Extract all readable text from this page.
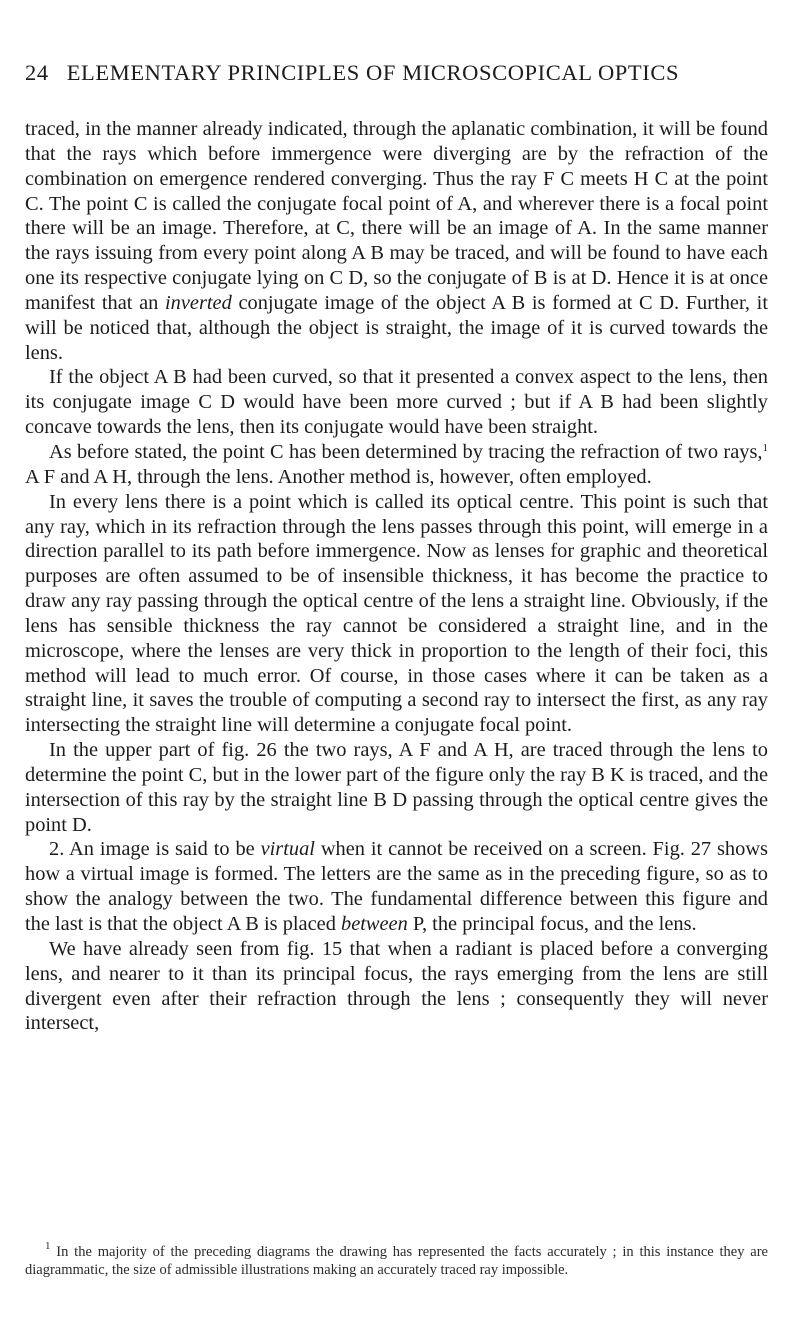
24 ELEMENTARY PRINCIPLES OF MICROSCOPICAL OPTICS

traced, in the manner already indicated, through the aplanatic combination, it will be found that the rays which before immergence were diverging are by the refraction of the combination on emergence rendered converging. Thus the ray F C meets H C at the point C. The point C is called the conjugate focal point of A, and wherever there is a focal point there will be an image. Therefore, at C, there will be an image of A. In the same manner the rays issuing from every point along A B may be traced, and will be found to have each one its respective conjugate lying on C D, so the conjugate of B is at D. Hence it is at once manifest that an inverted conjugate image of the object A B is formed at C D. Further, it will be noticed that, although the object is straight, the image of it is curved towards the lens.

If the object A B had been curved, so that it presented a convex aspect to the lens, then its conjugate image C D would have been more curved ; but if A B had been slightly concave towards the lens, then its conjugate would have been straight.

As before stated, the point C has been determined by tracing the refraction of two rays,$^1$ A F and A H, through the lens. Another method is, however, often employed.

In every lens there is a point which is called its optical centre. This point is such that any ray, which in its refraction through the lens passes through this point, will emerge in a direction parallel to its path before immergence. Now as lenses for graphic and theoretical purposes are often assumed to be of insensible thickness, it has become the practice to draw any ray passing through the optical centre of the lens a straight line. Obviously, if the lens has sensible thickness the ray cannot be considered a straight line, and in the microscope, where the lenses are very thick in proportion to the length of their foci, this method will lead to much error. Of course, in those cases where it can be taken as a straight line, it saves the trouble of computing a second ray to intersect the first, as any ray intersecting the straight line will determine a conjugate focal point.

In the upper part of fig. 26 the two rays, A F and A H, are traced through the lens to determine the point C, but in the lower part of the figure only the ray B K is traced, and the intersection of this ray by the straight line B D passing through the optical centre gives the point D.

2. An image is said to be virtual when it cannot be received on a screen. Fig. 27 shows how a virtual image is formed. The letters are the same as in the preceding figure, so as to show the analogy between the two. The fundamental difference between this figure and the last is that the object A B is placed between P, the principal focus, and the lens.

We have already seen from fig. 15 that when a radiant is placed before a converging lens, and nearer to it than its principal focus, the rays emerging from the lens are still divergent even after their refraction through the lens ; consequently they will never intersect,

$^1$ In the majority of the preceding diagrams the drawing has represented the facts accurately ; in this instance they are diagrammatic, the size of admissible illustrations making an accurately traced ray impossible.
